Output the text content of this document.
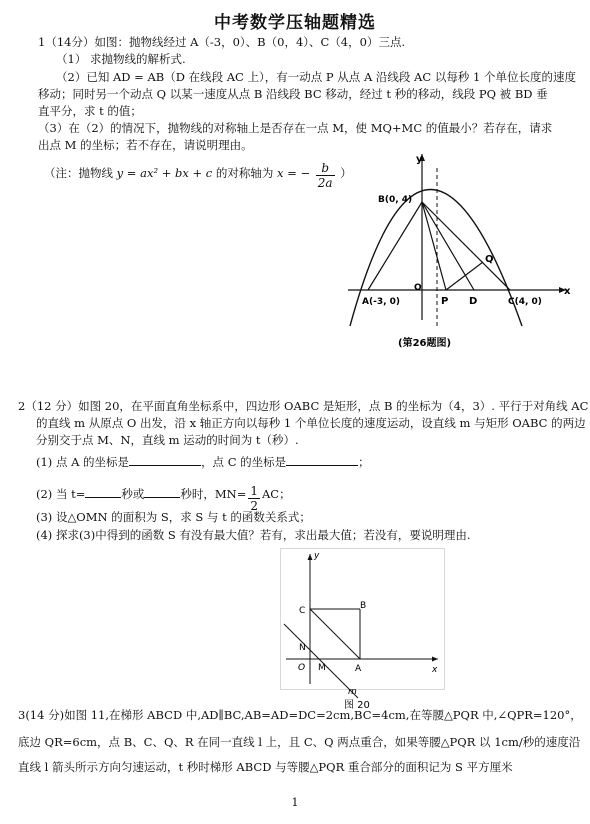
中考数学压轴题精选
1（14分）如图：抛物线经过 A（-3，0）、B（0，4）、C（4，0）三点.
（1） 求抛物线的解析式.
（2）已知 AD = AB（D 在线段 AC 上），有一动点 P 从点 A 沿线段 AC 以每秒 1 个单位长度的速度
移动；同时另一个动点 Q 以某一速度从点 B 沿线段 BC 移动，经过 t 秒的移动，线段 PQ 被 BD 垂
直平分，求 t 的值；
（3）在（2）的情况下，抛物线的对称轴上是否存在一点 M，使 MQ+MC 的值最小？若存在，请求
出点 M 的坐标；若不存在，请说明理由。
（注：抛物线 y = ax² + bx + c 的对称轴为 x = − $\frac{b}{2a}$ ）
y
x
B(0, 4)
A(-3, 0)
O
P D	C(4, 0)
Q
(第26题图)
2（12 分）如图 20，在平面直角坐标系中，四边形 OABC 是矩形，点 B 的坐标为（4，3）. 平行于对角线 AC
的直线 m 从原点 O 出发，沿 x 轴正方向以每秒 1 个单位长度的速度运动，设直线 m 与矩形 OABC 的两边
分别交于点 M、N，直线 m 运动的时间为 t（秒）.
(1) 点 A 的坐标是	，点 C 的坐标是	；
(2) 当 t=	秒或	秒时，$MN= \frac{1}{2}$ AC；
(3) 设△OMN 的面积为 S，求 S 与 t 的函数关系式；
(4) 探求(3)中得到的函数 S 有没有最大值？若有，求出最大值；若没有，要说明理由.
y
x
C	B
N
O M	A
m
图 20
3(14 分)如图 11,在梯形 ABCD 中,AD∥BC,AB=AD=DC=2cm,BC=4cm,在等腰△PQR 中,∠QPR=120°，
底边 QR=6cm，点 B、C、Q、R 在同一直线 l 上，且 C、Q 两点重合，如果等腰△PQR 以 1cm/秒的速度沿
直线 l 箭头所示方向匀速运动，t 秒时梯形 ABCD 与等腰△PQR 重合部分的面积记为 S 平方厘米
1
